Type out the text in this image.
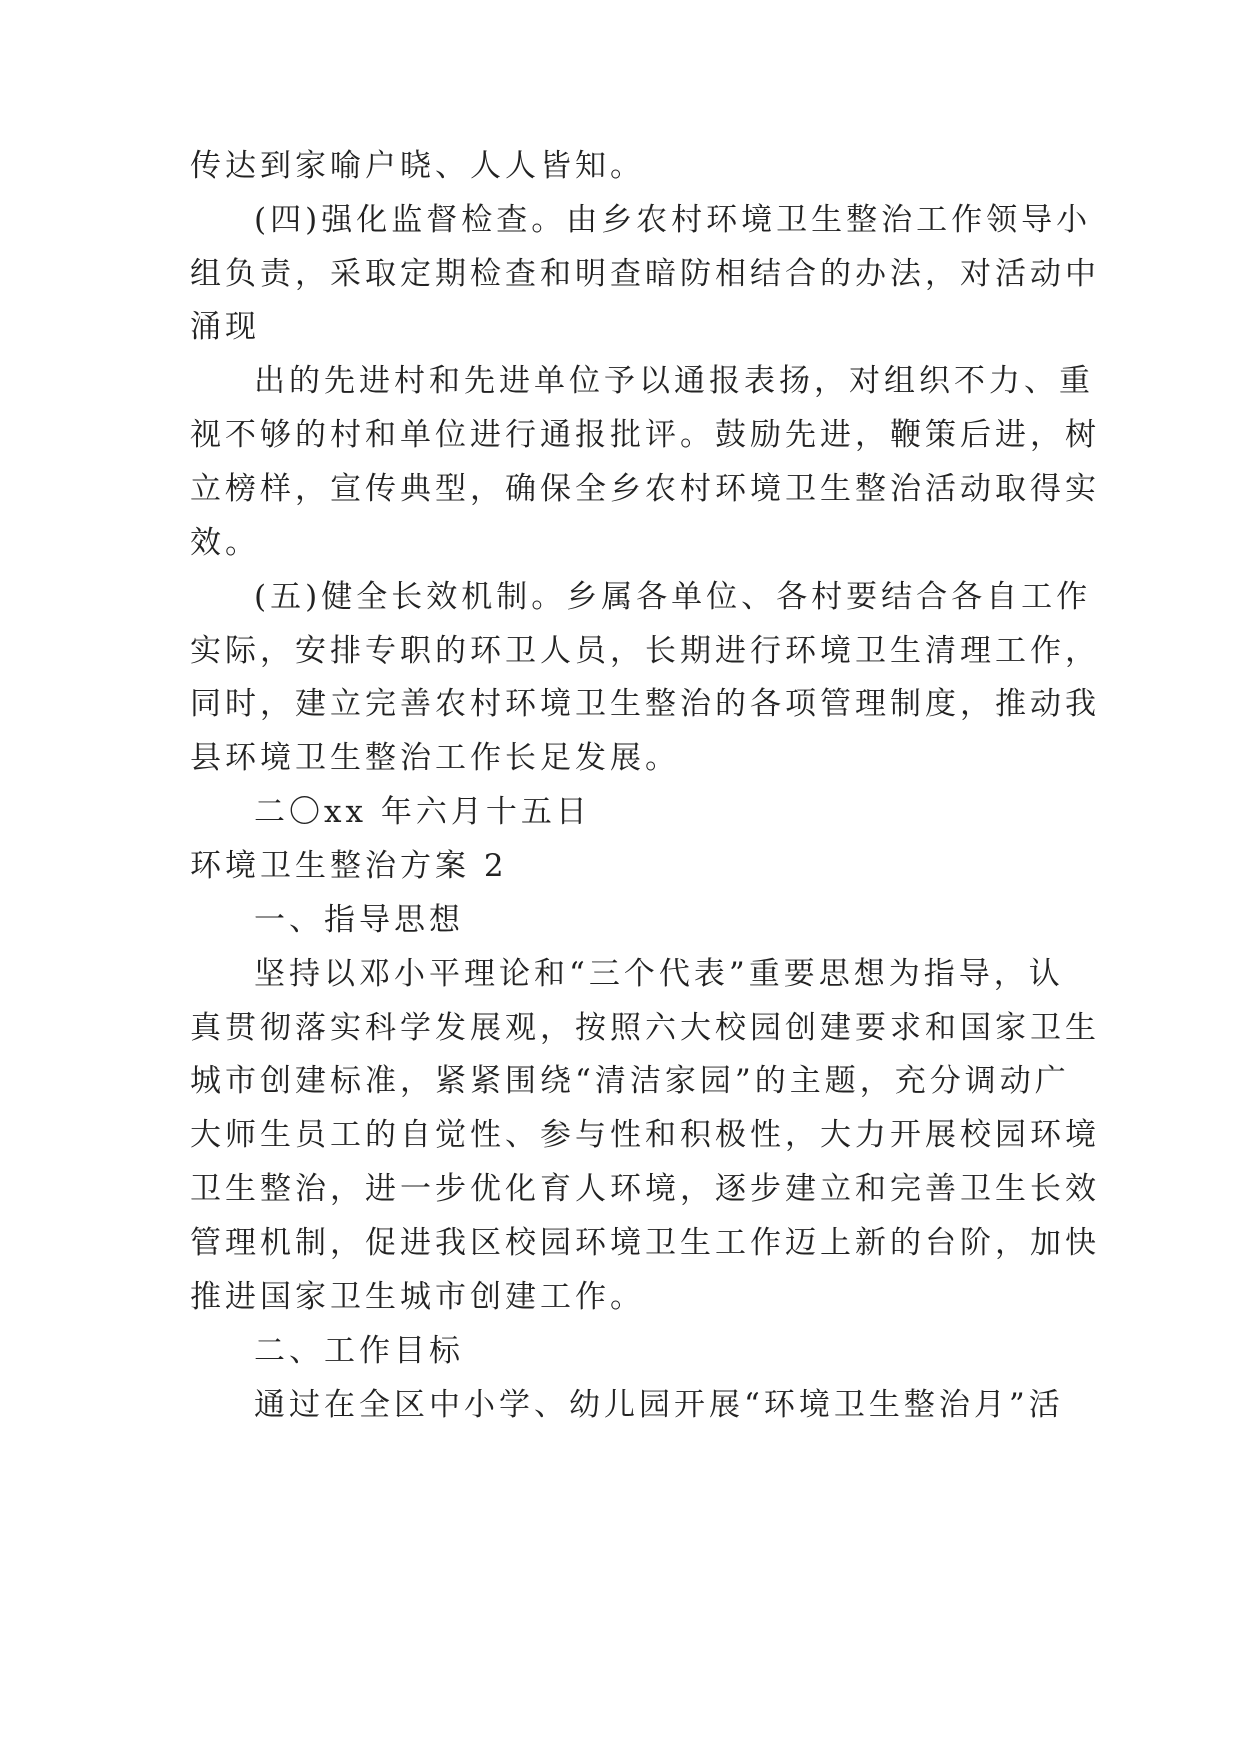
传达到家喻户晓、人人皆知。

(四)强化监督检查。由乡农村环境卫生整治工作领导小

组负责，采取定期检查和明查暗防相结合的办法，对活动中

涌现

出的先进村和先进单位予以通报表扬，对组织不力、重

视不够的村和单位进行通报批评。鼓励先进，鞭策后进，树

立榜样，宣传典型，确保全乡农村环境卫生整治活动取得实

效。

(五)健全长效机制。乡属各单位、各村要结合各自工作

实际，安排专职的环卫人员，长期进行环境卫生清理工作，

同时，建立完善农村环境卫生整治的各项管理制度，推动我

县环境卫生整治工作长足发展。

二〇xx 年六月十五日

环境卫生整治方案 2

一、指导思想

坚持以邓小平理论和“三个代表”重要思想为指导，认

真贯彻落实科学发展观，按照六大校园创建要求和国家卫生

城市创建标准，紧紧围绕“清洁家园”的主题，充分调动广

大师生员工的自觉性、参与性和积极性，大力开展校园环境

卫生整治，进一步优化育人环境，逐步建立和完善卫生长效

管理机制，促进我区校园环境卫生工作迈上新的台阶，加快

推进国家卫生城市创建工作。

二、工作目标

通过在全区中小学、幼儿园开展“环境卫生整治月”活
